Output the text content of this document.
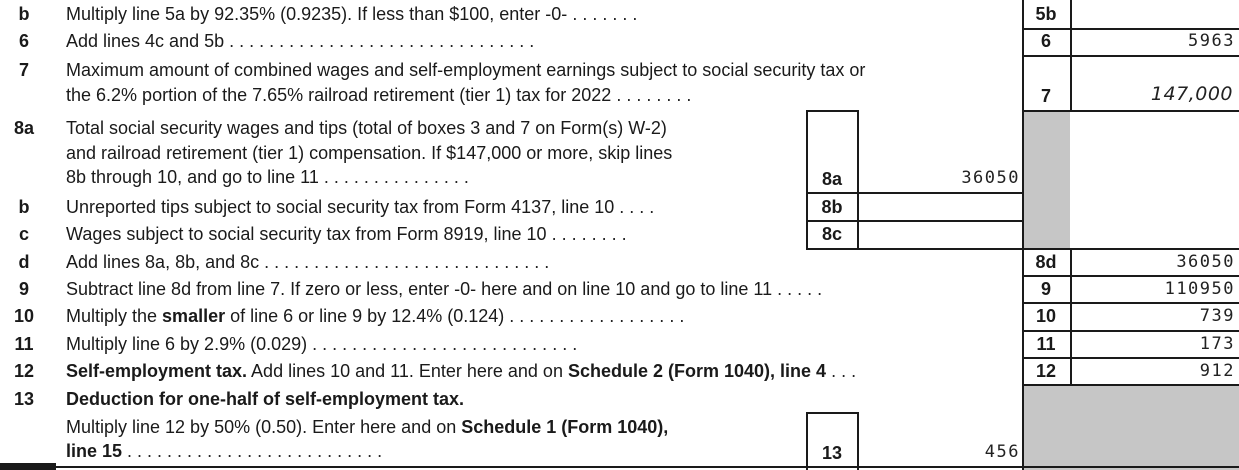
b	Multiply line 5a by 92.35% (0.9235). If less than $100, enter -0- . . . . . . .	5b
6	Add lines 4c and 5b . . . . . . . . . . . . . . . . . . . . . . . . . . . . . . .	6	5963
7	Maximum amount of combined wages and self-employment earnings subject to social security tax or
the 6.2% portion of the 7.65% railroad retirement (tier 1) tax for 2022 . . . . . . . .	7	147,000
8a	Total social security wages and tips (total of boxes 3 and 7 on Form(s) W-2)
and railroad retirement (tier 1) compensation. If $147,000 or more, skip lines
8b through 10, and go to line 11 . . . . . . . . . . . . . . .	8a	36050
b	Unreported tips subject to social security tax from Form 4137, line 10 . . . .	8b
c	Wages subject to social security tax from Form 8919, line 10 . . . . . . . .	8c
d	Add lines 8a, 8b, and 8c . . . . . . . . . . . . . . . . . . . . . . . . . . . . .	8d	36050
9	Subtract line 8d from line 7. If zero or less, enter -0- here and on line 10 and go to line 11 . . . . .	9	110950
10	Multiply the smaller of line 6 or line 9 by 12.4% (0.124) . . . . . . . . . . . . . . . . . .	10	739
11	Multiply line 6 by 2.9% (0.029) . . . . . . . . . . . . . . . . . . . . . . . . . . .	11	173
12	Self-employment tax. Add lines 10 and 11. Enter here and on Schedule 2 (Form 1040), line 4 . . .	12	912
13	Deduction for one-half of self-employment tax.
Multiply line 12 by 50% (0.50). Enter here and on Schedule 1 (Form 1040),
line 15 . . . . . . . . . . . . . . . . . . . . . . . . . .	13	456
